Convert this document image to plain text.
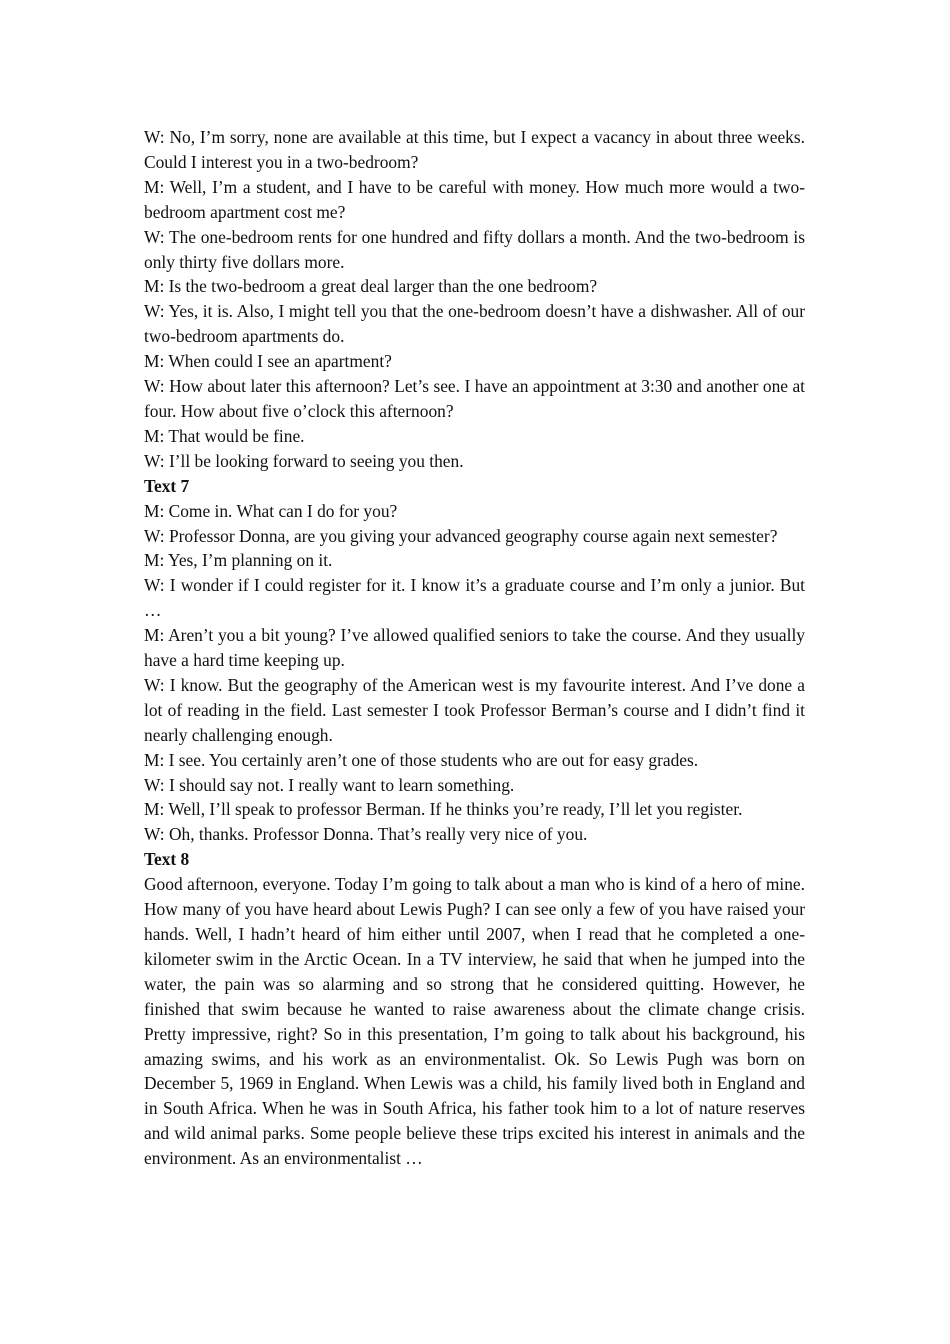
W: No, I’m sorry, none are available at this time, but I expect a vacancy in about three weeks. Could I interest you in a two-bedroom?

M: Well, I’m a student, and I have to be careful with money. How much more would a two-bedroom apartment cost me?

W: The one-bedroom rents for one hundred and fifty dollars a month. And the two-bedroom is only thirty five dollars more.

M: Is the two-bedroom a great deal larger than the one bedroom?

W: Yes, it is. Also, I might tell you that the one-bedroom doesn’t have a dishwasher. All of our two-bedroom apartments do.

M: When could I see an apartment?

W: How about later this afternoon? Let’s see. I have an appointment at 3:30 and another one at four. How about five o’clock this afternoon?

M: That would be fine.

W: I’ll be looking forward to seeing you then.

Text 7

M: Come in. What can I do for you?

W: Professor Donna, are you giving your advanced geography course again next semester?

M: Yes, I’m planning on it.

W: I wonder if I could register for it. I know it’s a graduate course and I’m only a junior. But …

M: Aren’t you a bit young? I’ve allowed qualified seniors to take the course. And they usually have a hard time keeping up.

W: I know. But the geography of the American west is my favourite interest. And I’ve done a lot of reading in the field. Last semester I took Professor Berman’s course and I didn’t find it nearly challenging enough.

M: I see. You certainly aren’t one of those students who are out for easy grades.

W: I should say not. I really want to learn something.

M: Well, I’ll speak to professor Berman. If he thinks you’re ready, I’ll let you register.

W: Oh, thanks. Professor Donna. That’s really very nice of you.

Text 8

Good afternoon, everyone. Today I’m going to talk about a man who is kind of a hero of mine. How many of you have heard about Lewis Pugh? I can see only a few of you have raised your hands. Well, I hadn’t heard of him either until 2007, when I read that he completed a one-kilometer swim in the Arctic Ocean. In a TV interview, he said that when he jumped into the water, the pain was so alarming and so strong that he considered quitting. However, he finished that swim because he wanted to raise awareness about the climate change crisis. Pretty impressive, right? So in this presentation, I’m going to talk about his background, his amazing swims, and his work as an environmentalist. Ok. So Lewis Pugh was born on December 5, 1969 in England. When Lewis was a child, his family lived both in England and in South Africa. When he was in South Africa, his father took him to a lot of nature reserves and wild animal parks. Some people believe these trips excited his interest in animals and the environment. As an environmentalist …
